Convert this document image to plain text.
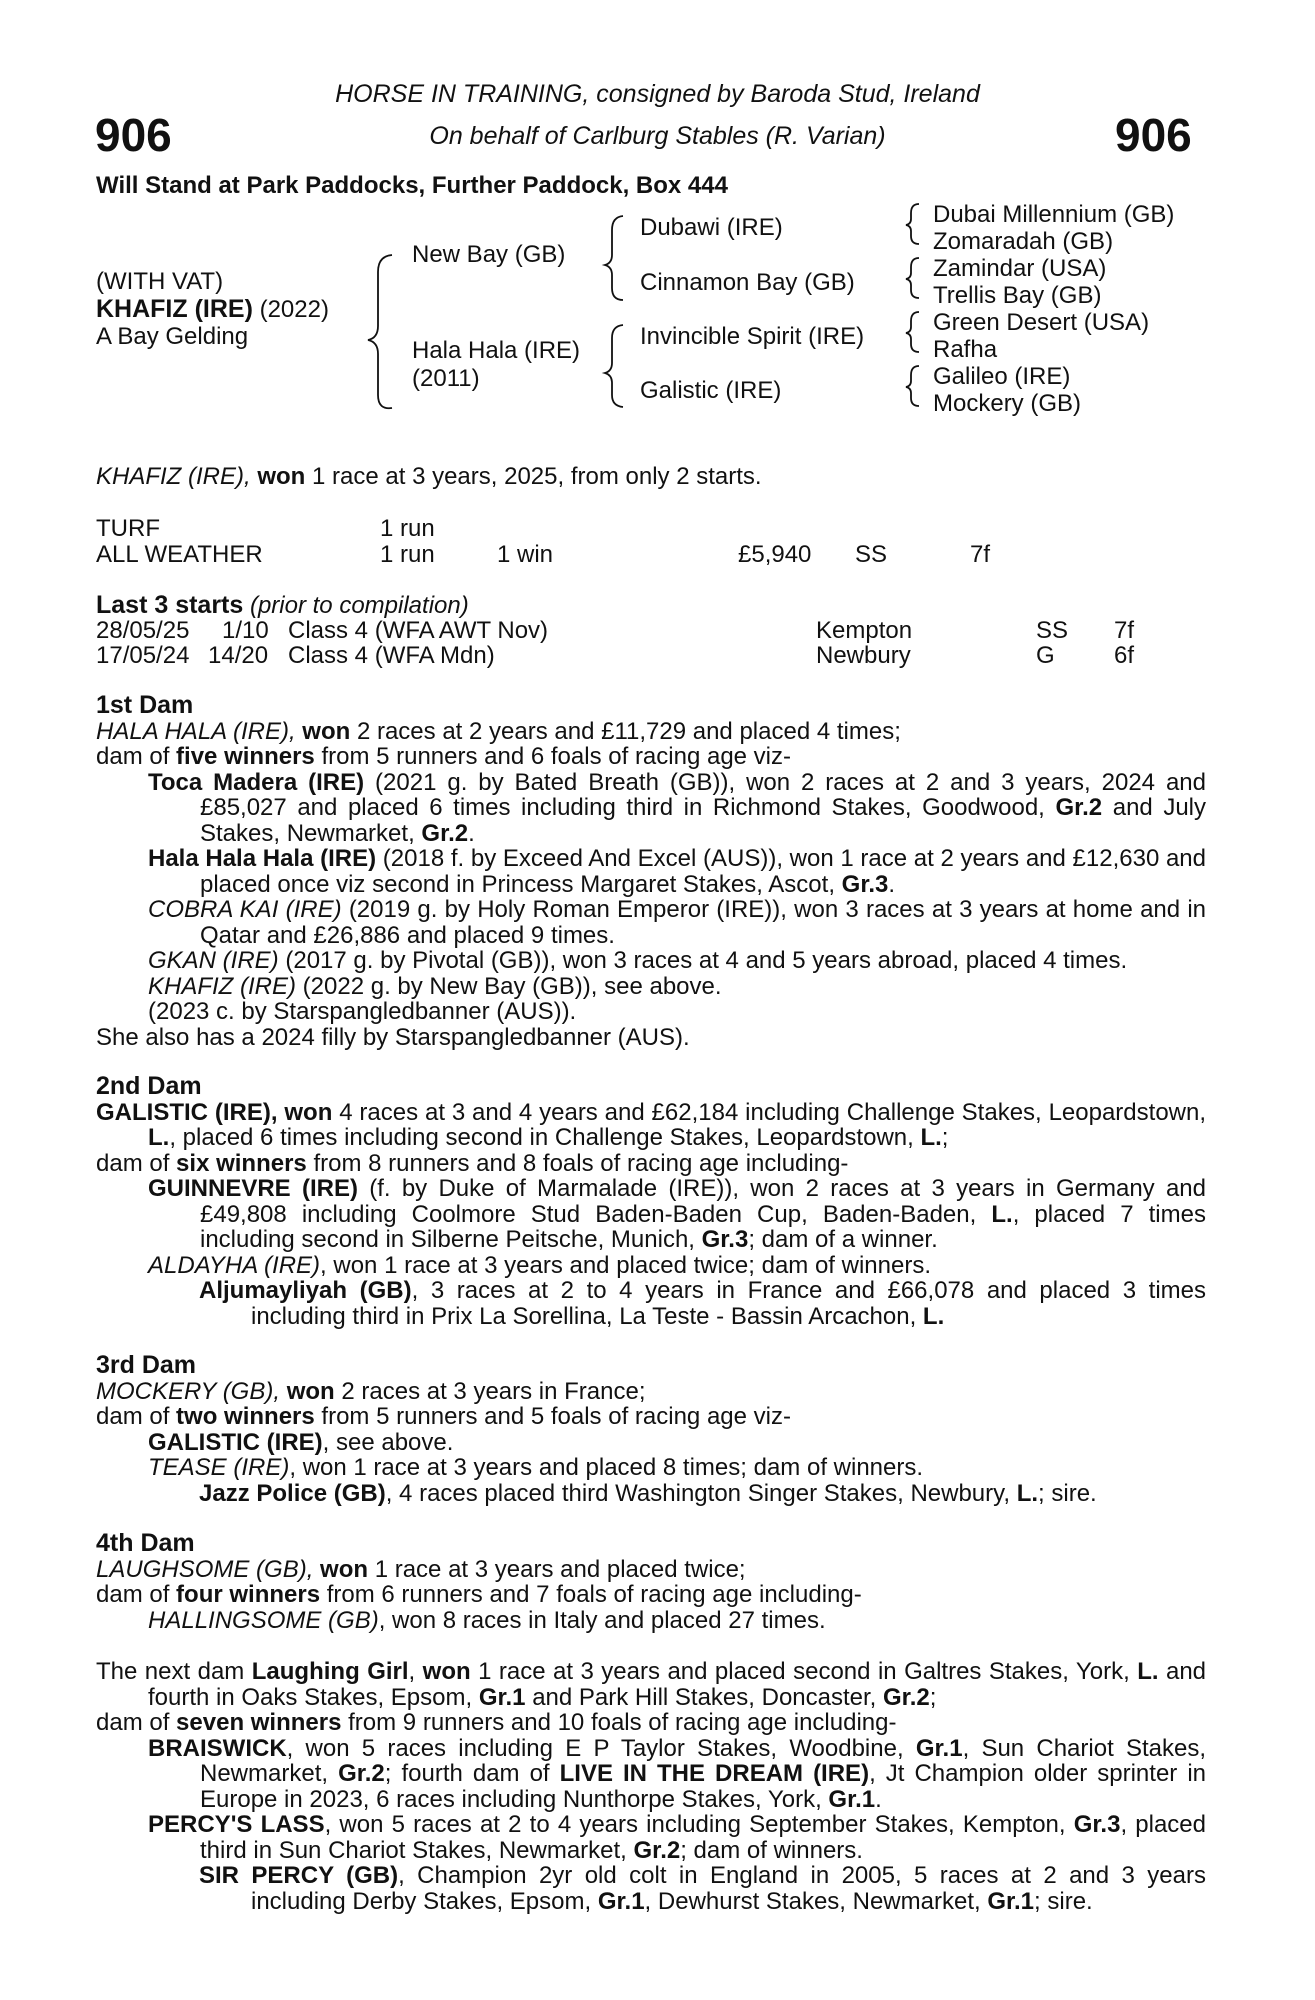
906	906
HORSE IN TRAINING, consigned by Baroda Stud, Ireland
On behalf of Carlburg Stables (R. Varian)
Will Stand at Park Paddocks, Further Paddock, Box 444
(WITH VAT)
KHAFIZ (IRE) (2022)
A Bay Gelding
New Bay (GB)
Hala Hala (IRE)
(2011)
Dubawi (IRE)
Cinnamon Bay (GB)
Invincible Spirit (IRE)
Galistic (IRE)
Dubai Millennium (GB)
Zomaradah (GB)
Zamindar (USA)
Trellis Bay (GB)
Green Desert (USA)
Rafha
Galileo (IRE)
Mockery (GB)
KHAFIZ (IRE), won 1 race at 3 years, 2025, from only 2 starts.
TURF	1 run
ALL WEATHER	1 run	1 win	£5,940 SS	7f
Last 3 starts (prior to compilation)
28/05/25 1/10 Class 4 (WFA AWT Nov)	Kempton	SS 7f
17/05/24 14/20 Class 4 (WFA Mdn)	Newbury	G 6f

1st Dam

HALA HALA (IRE), won 2 races at 2 years and £11,729 and placed 4 times;

dam of five winners from 5 runners and 6 foals of racing age viz-

Toca Madera (IRE) (2021 g. by Bated Breath (GB)), won 2 races at 2 and 3 years, 2024 and £85,027 and placed 6 times including third in Richmond Stakes, Goodwood, Gr.2 and July Stakes, Newmarket, Gr.2.

Hala Hala Hala (IRE) (2018 f. by Exceed And Excel (AUS)), won 1 race at 2 years and £12,630 and placed once viz second in Princess Margaret Stakes, Ascot, Gr.3.

COBRA KAI (IRE) (2019 g. by Holy Roman Emperor (IRE)), won 3 races at 3 years at home and in Qatar and £26,886 and placed 9 times.

GKAN (IRE) (2017 g. by Pivotal (GB)), won 3 races at 4 and 5 years abroad, placed 4 times.

KHAFIZ (IRE) (2022 g. by New Bay (GB)), see above.

(2023 c. by Starspangledbanner (AUS)).

She also has a 2024 filly by Starspangledbanner (AUS).

2nd Dam

GALISTIC (IRE), won 4 races at 3 and 4 years and £62,184 including Challenge Stakes, Leopardstown, L., placed 6 times including second in Challenge Stakes, Leopardstown, L.;

dam of six winners from 8 runners and 8 foals of racing age including-

GUINNEVRE (IRE) (f. by Duke of Marmalade (IRE)), won 2 races at 3 years in Germany and £49,808 including Coolmore Stud Baden-Baden Cup, Baden-Baden, L., placed 7 times including second in Silberne Peitsche, Munich, Gr.3; dam of a winner.

ALDAYHA (IRE), won 1 race at 3 years and placed twice; dam of winners.

Aljumayliyah (GB), 3 races at 2 to 4 years in France and £66,078 and placed 3 times including third in Prix La Sorellina, La Teste - Bassin Arcachon, L.

3rd Dam

MOCKERY (GB), won 2 races at 3 years in France;

dam of two winners from 5 runners and 5 foals of racing age viz-

GALISTIC (IRE), see above.

TEASE (IRE), won 1 race at 3 years and placed 8 times; dam of winners.

Jazz Police (GB), 4 races placed third Washington Singer Stakes, Newbury, L.; sire.

4th Dam

LAUGHSOME (GB), won 1 race at 3 years and placed twice;

dam of four winners from 6 runners and 7 foals of racing age including-

HALLINGSOME (GB), won 8 races in Italy and placed 27 times.

The next dam Laughing Girl, won 1 race at 3 years and placed second in Galtres Stakes, York, L. and fourth in Oaks Stakes, Epsom, Gr.1 and Park Hill Stakes, Doncaster, Gr.2;

dam of seven winners from 9 runners and 10 foals of racing age including-

BRAISWICK, won 5 races including E P Taylor Stakes, Woodbine, Gr.1, Sun Chariot Stakes, Newmarket, Gr.2; fourth dam of LIVE IN THE DREAM (IRE), Jt Champion older sprinter in Europe in 2023, 6 races including Nunthorpe Stakes, York, Gr.1.

PERCY'S LASS, won 5 races at 2 to 4 years including September Stakes, Kempton, Gr.3, placed third in Sun Chariot Stakes, Newmarket, Gr.2; dam of winners.

SIR PERCY (GB), Champion 2yr old colt in England in 2005, 5 races at 2 and 3 years including Derby Stakes, Epsom, Gr.1, Dewhurst Stakes, Newmarket, Gr.1; sire.
